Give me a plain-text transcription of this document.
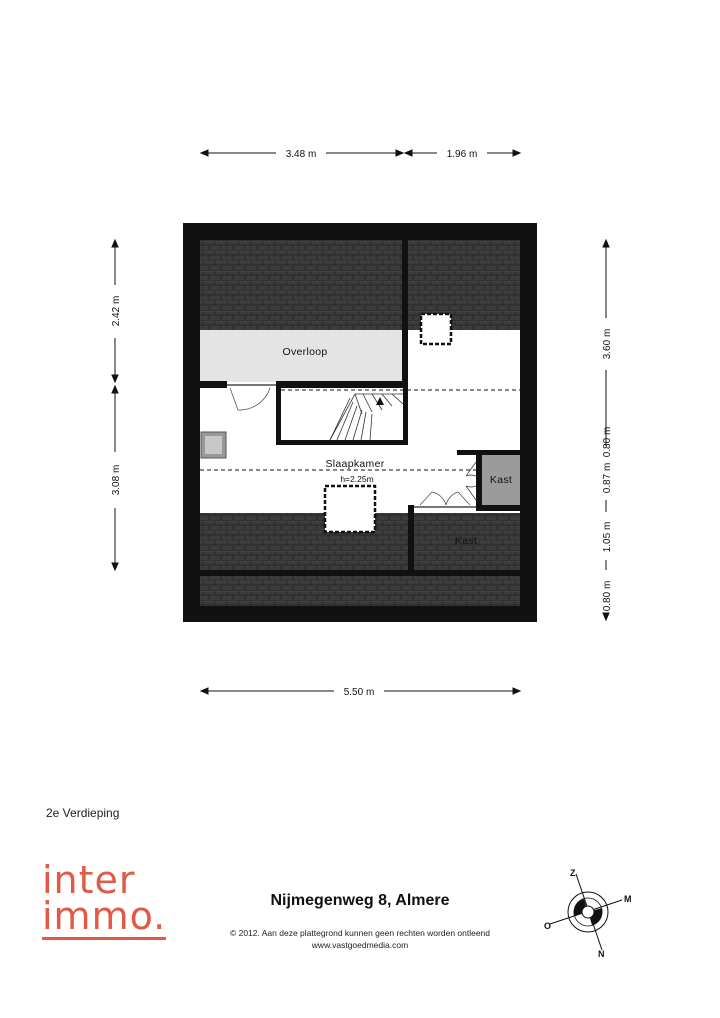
Overloop
Slaapkamer
h=2.25m	Kast
Kast
3.48 m	1.96 m
5.50 m
2.42 m
3.08 m
3.60 m
0.80 m
0.87 m
1.05 m
0.80 m
2e Verdieping
inter
immo.	Nijmegenweg 8, Almere
© 2012. Aan deze plattegrond kunnen geen rechten worden ontleend
www.vastgoedmedia.com
Z
M
O
N
